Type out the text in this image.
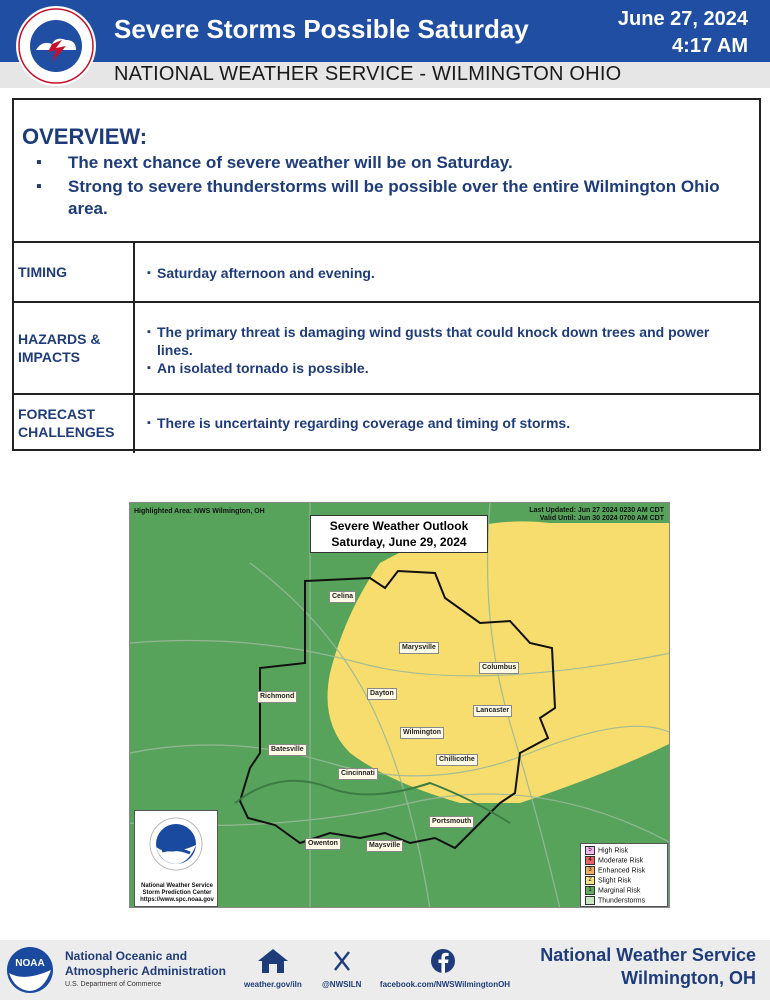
Severe Storms Possible Saturday	June 27, 2024
4:17 AM
NATIONAL WEATHER SERVICE - WILMINGTON OHIO
OVERVIEW:
▪ The next chance of severe weather will be on Saturday.
▪ Strong to severe thunderstorms will be possible over the entire Wilmington Ohio area.
TIMING
▪	Saturday afternoon and evening.
HAZARDS &
IMPACTS
▪ The primary threat is damaging wind gusts that could knock down trees and power lines.
▪ An isolated tornado is possible.
FORECAST
CHALLENGES
▪ There is uncertainty regarding coverage and timing of storms.
Highlighted Area: NWS Wilmington, OH	Last Updated: Jun 27 2024 0230 AM CDT
Valid Until: Jun 30 2024 0700 AM CDT
Severe Weather Outlook
Saturday, June 29, 2024
Celina
Marysville
Columbus
Richmond	Dayton
Lancaster
Wilmington
Chillicothe
Batesville
Cincinnati
Portsmouth
Owenton	Maysville
National Weather Service
Storm Prediction Center
https://www.spc.noaa.gov
5 High Risk
4 Moderate Risk
3 Enhanced Risk
2 Slight Risk
1 Marginal Risk
Thunderstorms
NOAA
National Oceanic and
Atmospheric Administration
U.S. Department of Commerce	weather.gov/iln	@NWSILN	facebook.com/NWSWilmingtonOH
National Weather Service
Wilmington, OH
